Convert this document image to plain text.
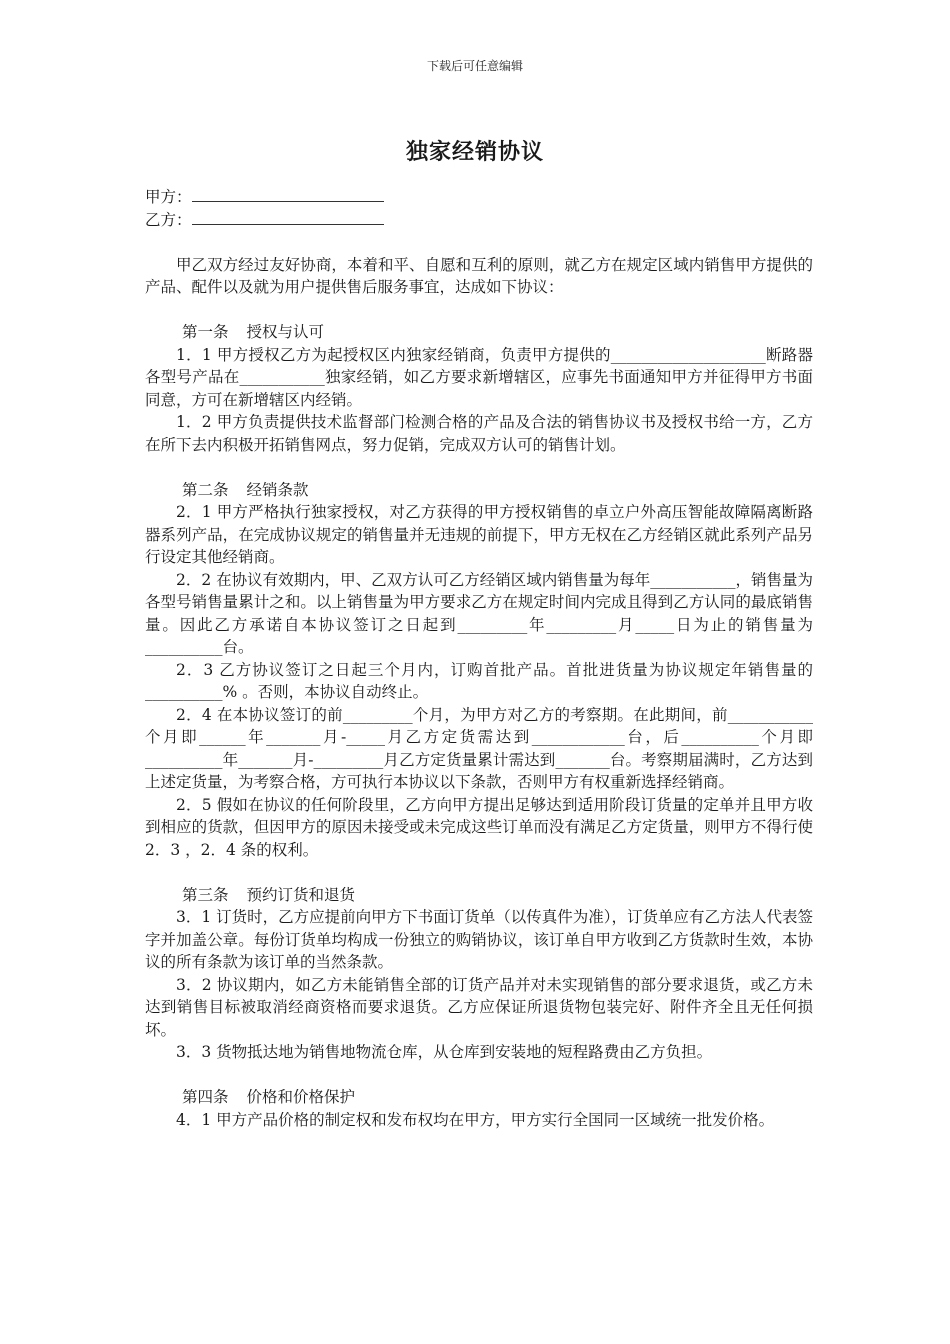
下载后可任意编辑
独家经销协议
甲方：
乙方：

甲乙双方经过友好协商，本着和平、自愿和互利的原则，就乙方在规定区域内销售甲方提供的产品、配件以及就为用户提供售后服务事宜，达成如下协议：

第一条 授权与认可

1．1 甲方授权乙方为起授权区内独家经销商，负责甲方提供的____________________断路器各型号产品在___________独家经销，如乙方要求新增辖区，应事先书面通知甲方并征得甲方书面同意，方可在新增辖区内经销。

1．2 甲方负责提供技术监督部门检测合格的产品及合法的销售协议书及授权书给一方，乙方在所下去内积极开拓销售网点，努力促销，完成双方认可的销售计划。

第二条 经销条款

2．1 甲方严格执行独家授权，对乙方获得的甲方授权销售的卓立户外高压智能故障隔离断路器系列产品，在完成协议规定的销售量并无违规的前提下，甲方无权在乙方经销区就此系列产品另行设定其他经销商。

2．2 在协议有效期内，甲、乙双方认可乙方经销区域内销售量为每年___________，销售量为各型号销售量累计之和。以上销售量为甲方要求乙方在规定时间内完成且得到乙方认同的最底销售量。因此乙方承诺自本协议签订之日起到_________年_________月_____日为止的销售量为__________台。

2．3 乙方协议签订之日起三个月内，订购首批产品。首批进货量为协议规定年销售量的 __________% 。否则，本协议自动终止。

2．4 在本协议签订的前_________个月，为甲方对乙方的考察期。在此期间，前___________个月即______年_______月-_____月乙方定货需达到____________台，后__________个月即__________年_______月-_________月乙方定货量累计需达到_______台。考察期届满时，乙方达到上述定货量，为考察合格，方可执行本协议以下条款，否则甲方有权重新选择经销商。

2．5 假如在协议的任何阶段里，乙方向甲方提出足够达到适用阶段订货量的定单并且甲方收到相应的货款，但因甲方的原因未接受或未完成这些订单而没有满足乙方定货量，则甲方不得行使2．3 ，2．4 条的权利。

第三条 预约订货和退货

3．1 订货时，乙方应提前向甲方下书面订货单（以传真件为准），订货单应有乙方法人代表签字并加盖公章。每份订货单均构成一份独立的购销协议，该订单自甲方收到乙方货款时生效，本协议的所有条款为该订单的当然条款。

3．2 协议期内，如乙方未能销售全部的订货产品并对未实现销售的部分要求退货，或乙方未达到销售目标被取消经商资格而要求退货。乙方应保证所退货物包装完好、附件齐全且无任何损坏。

3．3 货物抵达地为销售地物流仓库，从仓库到安装地的短程路费由乙方负担。

第四条 价格和价格保护

4．1 甲方产品价格的制定权和发布权均在甲方，甲方实行全国同一区域统一批发价格。
